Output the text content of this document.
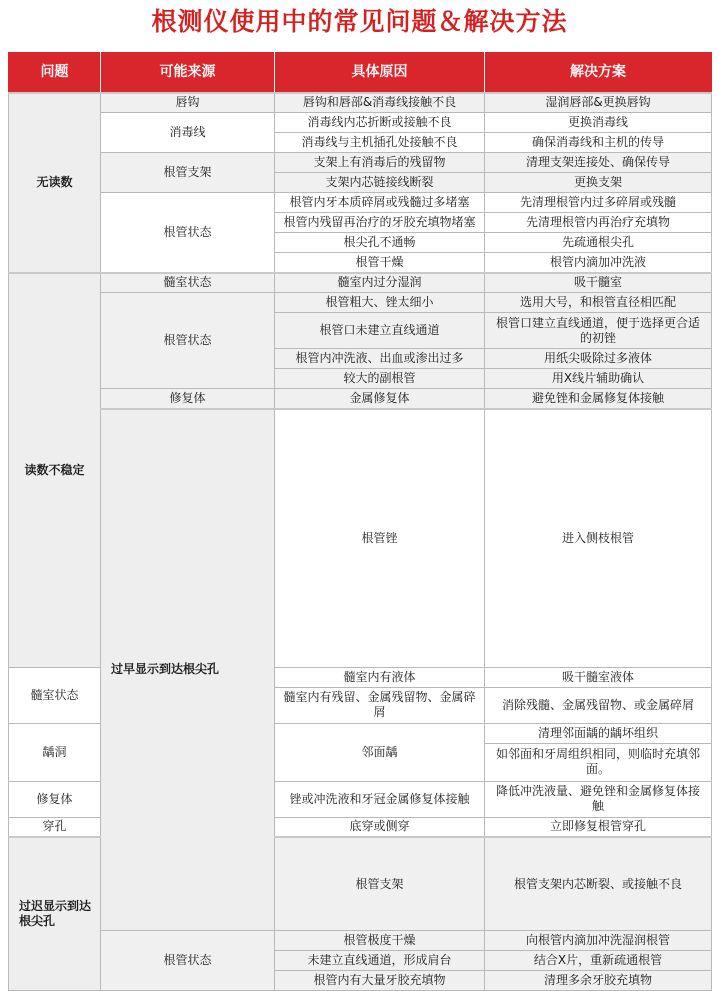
根测仪使用中的常见问题＆解决方法
问题	可能来源	具体原因	解决方案	
无读数	唇钩	唇钩和唇部&消毒线接触不良	湿润唇部&更换唇钩	
	消毒线	消毒线内芯折断或接触不良	更换消毒线	
		消毒线与主机插孔处接触不良	确保消毒线和主机的传导	
	根管支架	支架上有消毒后的残留物	清理支架连接处、确保传导	
		支架内芯链接线断裂	更换支架	
	根管状态	根管内牙本质碎屑或残髓过多堵塞	先清理根管内过多碎屑或残髓	
		根管内残留再治疗的牙胶充填物堵塞	先清理根管内再治疗充填物	
		根尖孔不通畅	先疏通根尖孔	
		根管干燥	根管内滴加冲洗液	
读数不稳定	髓室状态	髓室内过分湿润	吸干髓室	
	根管状态	根管粗大、锉太细小	选用大号，和根管直径相匹配	
		根管口未建立直线通道	根管口建立直线通道，便于选择更合适的初锉	
		根管内冲洗液、出血或渗出过多	用纸尖吸除过多液体	
		较大的副根管	用X线片辅助确认	
	修复体	金属修复体	避免锉和金属修复体接触	
	过早显示到达根尖孔	根管锉	进入侧枝根管	
髓室状态		髓室内有液体	吸干髓室液体	
		髓室内有残留、金属残留物、金属碎屑	消除残髓、金属残留物、或金属碎屑	
龋洞		邻面龋	清理邻面龋的龋坏组织	
			如邻面和牙周组织相同，则临时充填邻面。	
修复体		锉或冲洗液和牙冠金属修复体接触	降低冲洗液量、避免锉和金属修复体接触	
穿孔		底穿或侧穿	立即修复根管穿孔	
过迟显示到达根尖孔		根管支架	根管支架内芯断裂、或接触不良	
	根管状态	根管极度干燥	向根管内滴加冲洗湿润根管	
		未建立直线通道，形成肩台	结合X片，重新疏通根管	
		根管内有大量牙胶充填物	清理多余牙胶充填物	
